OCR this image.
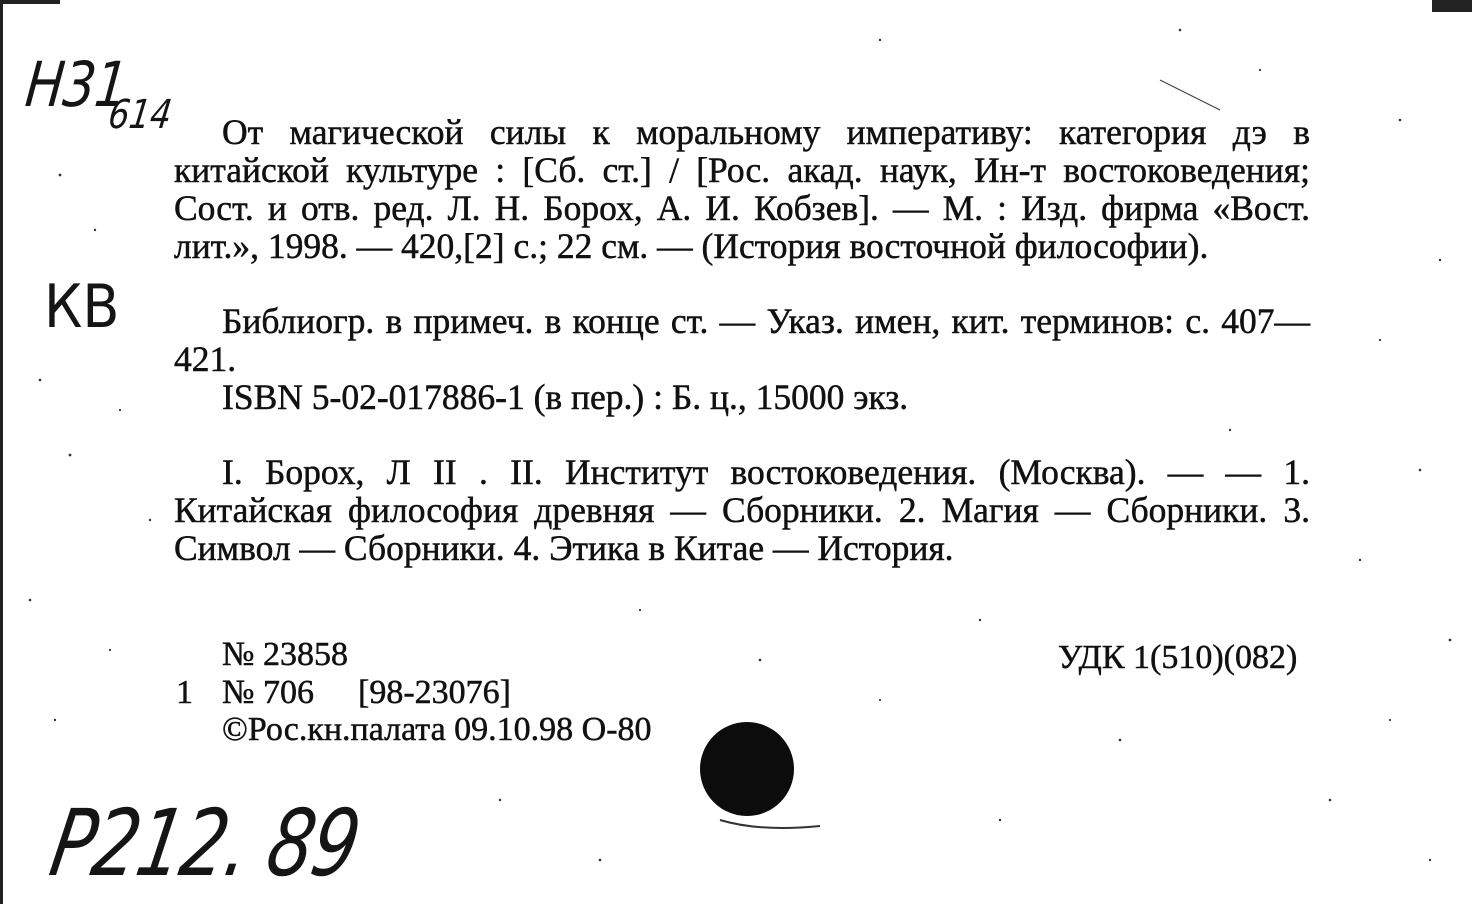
Н31
614
КВ
Р212. 89
От магической силы к моральному императиву: категория дэ в китайской культуре : [Сб. ст.] / [Рос. акад. наук, Ин-т востоковедения; Сост. и отв. ред. Л. Н. Борох, А. И. Кобзев]. — М. : Изд. фирма «Вост. лит.», 1998. — 420,[2] с.; 22 см. — (История восточной философии).
Библиогр. в примеч. в конце ст. — Указ. имен, кит. терминов: с. 407—421.
ISBN 5-02-017886-1 (в пер.) : Б. ц., 15000 экз.
I. Борох, Л II . II. Институт востоковедения. (Москва). — — 1. Китайская философия древняя — Сборники. 2. Магия — Сборники. 3. Символ — Сборники. 4. Этика в Китае — История.
№ 23858
1 № 706 [98-23076]
©Рос.кн.палата 09.10.98 О-80
УДК 1(510)(082)
